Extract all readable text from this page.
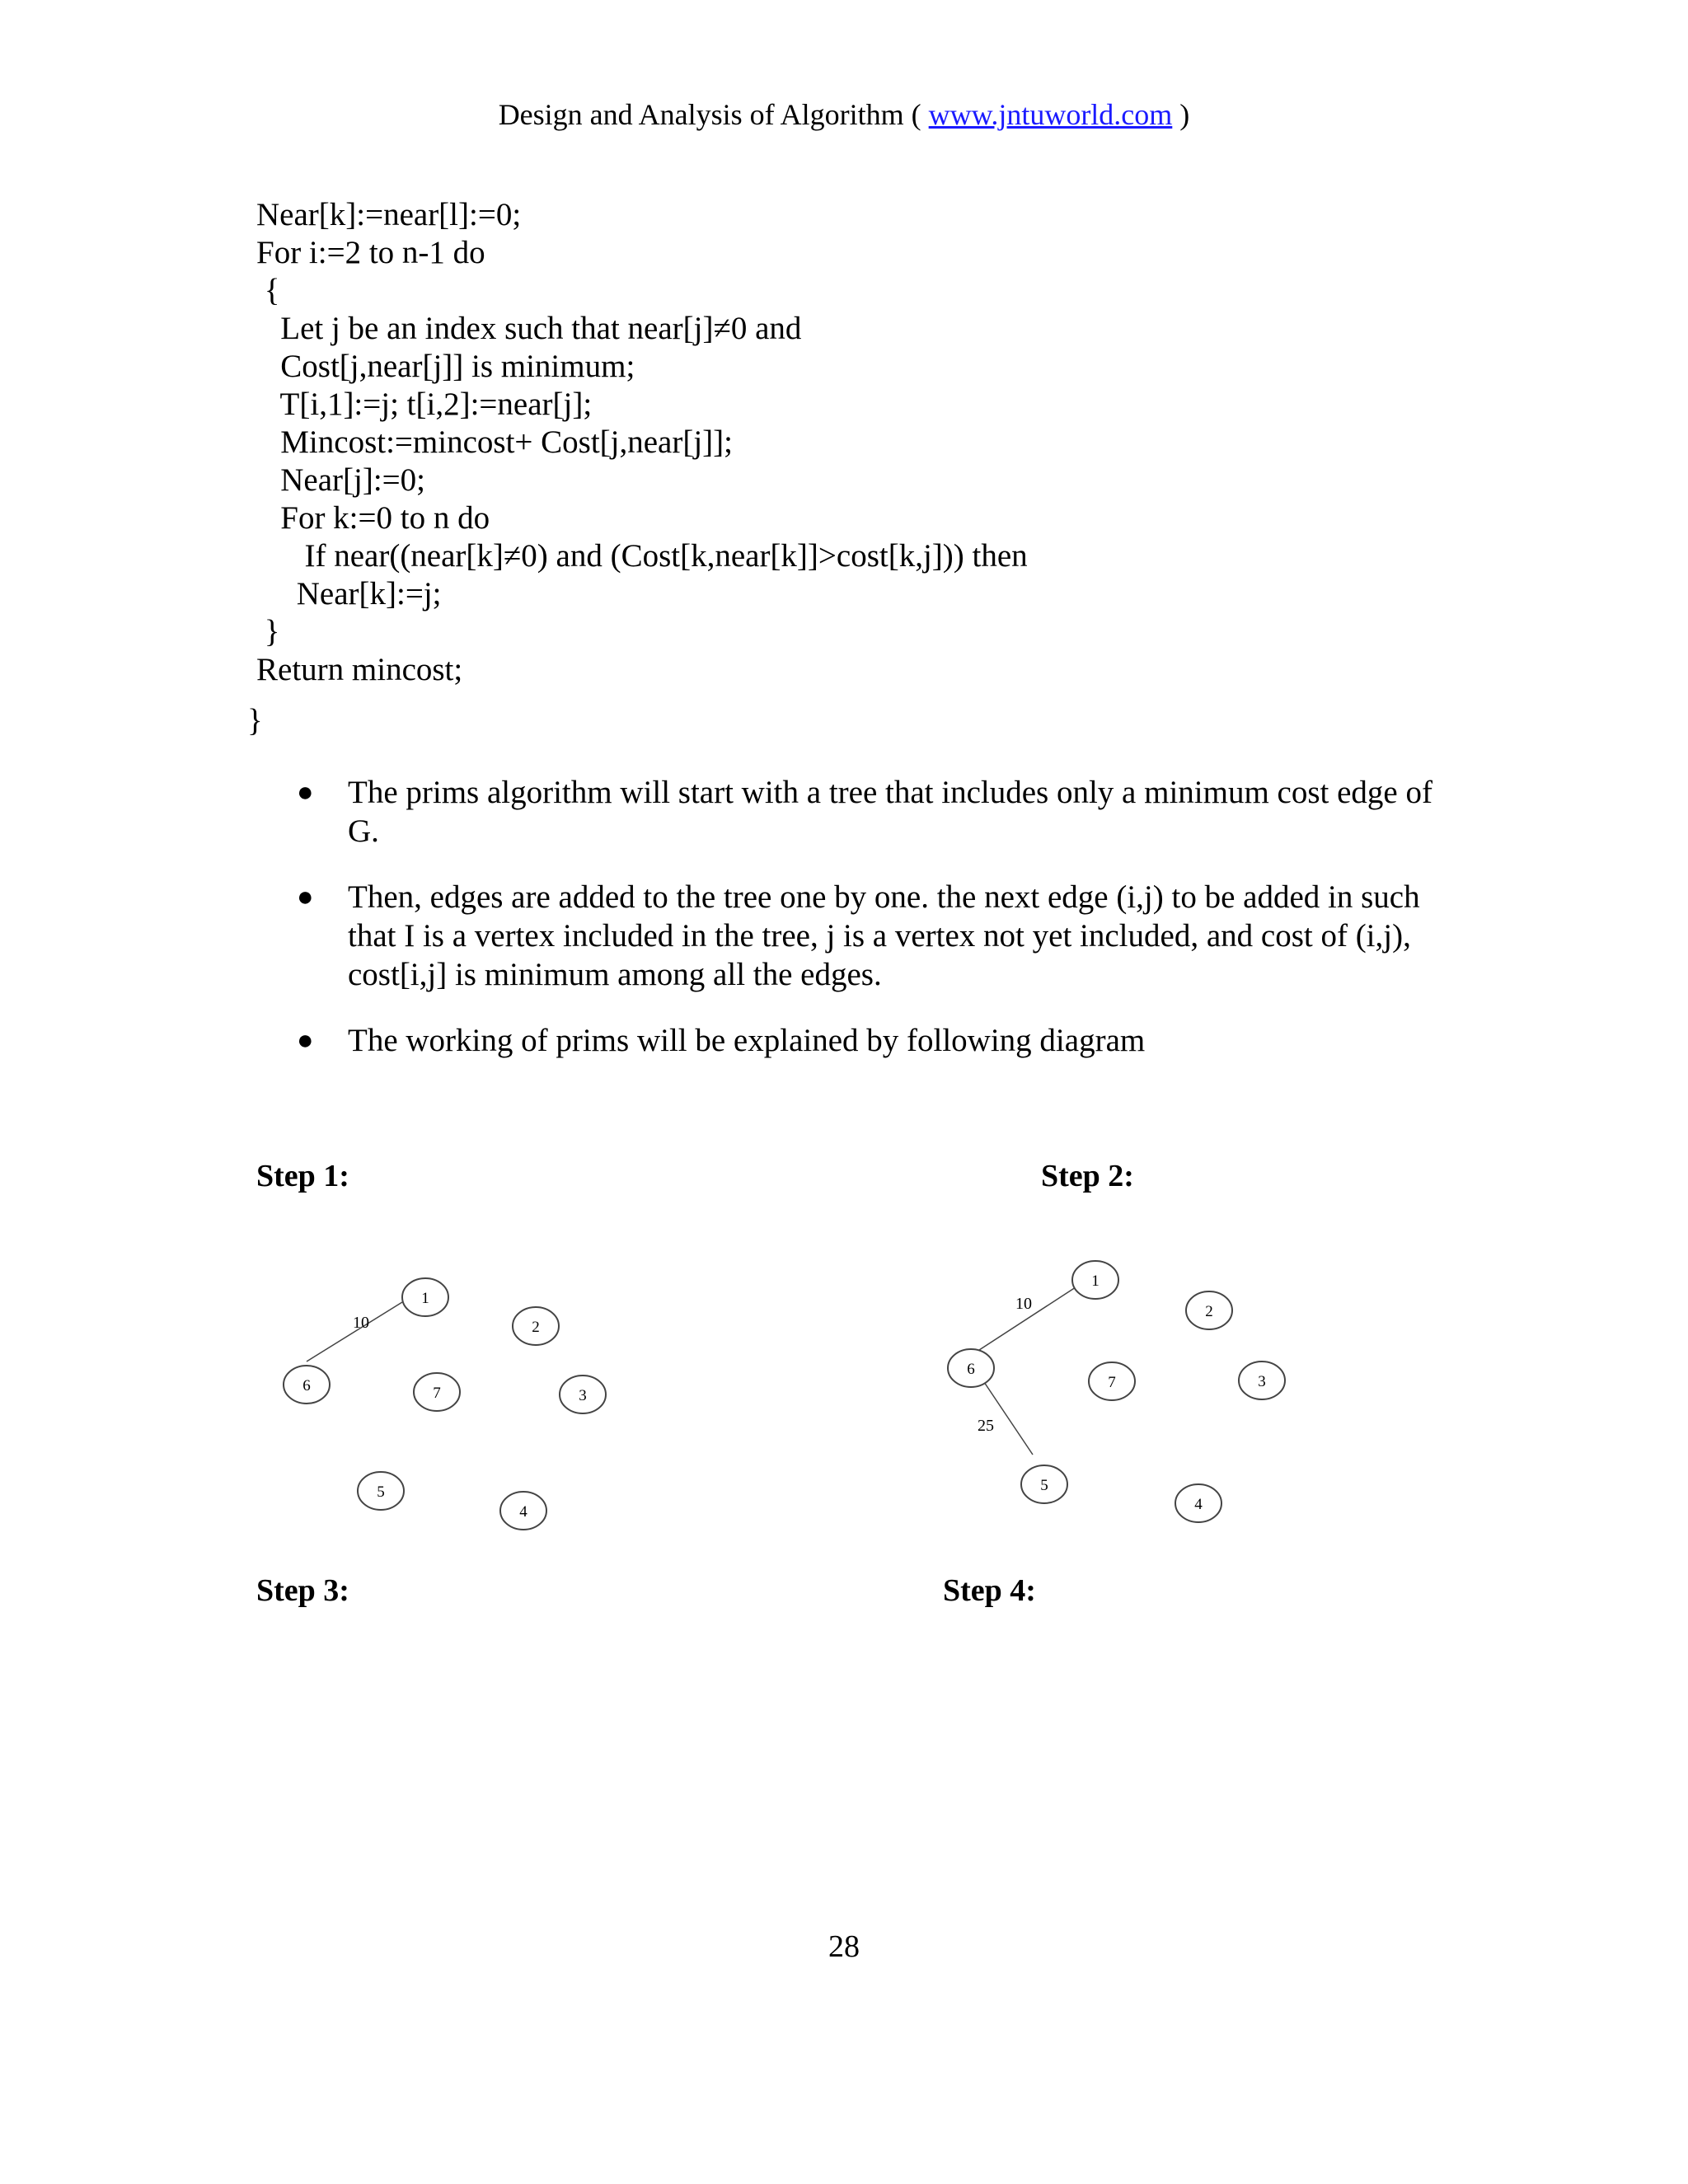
Design and Analysis of Algorithm ( www.jntuworld.com )
Near[k]:=near[l]:=0;
For i:=2 to n-1 do
{
Let j be an index such that near[j]≠0 and
Cost[j,near[j]] is minimum;
T[i,1]:=j; t[i,2]:=near[j];
Mincost:=mincost+ Cost[j,near[j]];
Near[j]:=0;
For k:=0 to n do
If near((near[k]≠0) and (Cost[k,near[k]]>cost[k,j])) then
Near[k]:=j;
}
Return mincost;
}
● The prims algorithm will start with a tree that includes only a minimum cost edge of G.
● Then, edges are added to the tree one by one. the next edge (i,j) to be added in such that I is a vertex included in the tree, j is a vertex not yet included, and cost of (i,j), cost[i,j] is minimum among all the edges.
● The working of prims will be explained by following diagram
Step 1:	Step 2:
10
1
2
3
4
5
6	7
10
25
1
2
3
4
5
6
7
Step 3:	Step 4:
28
